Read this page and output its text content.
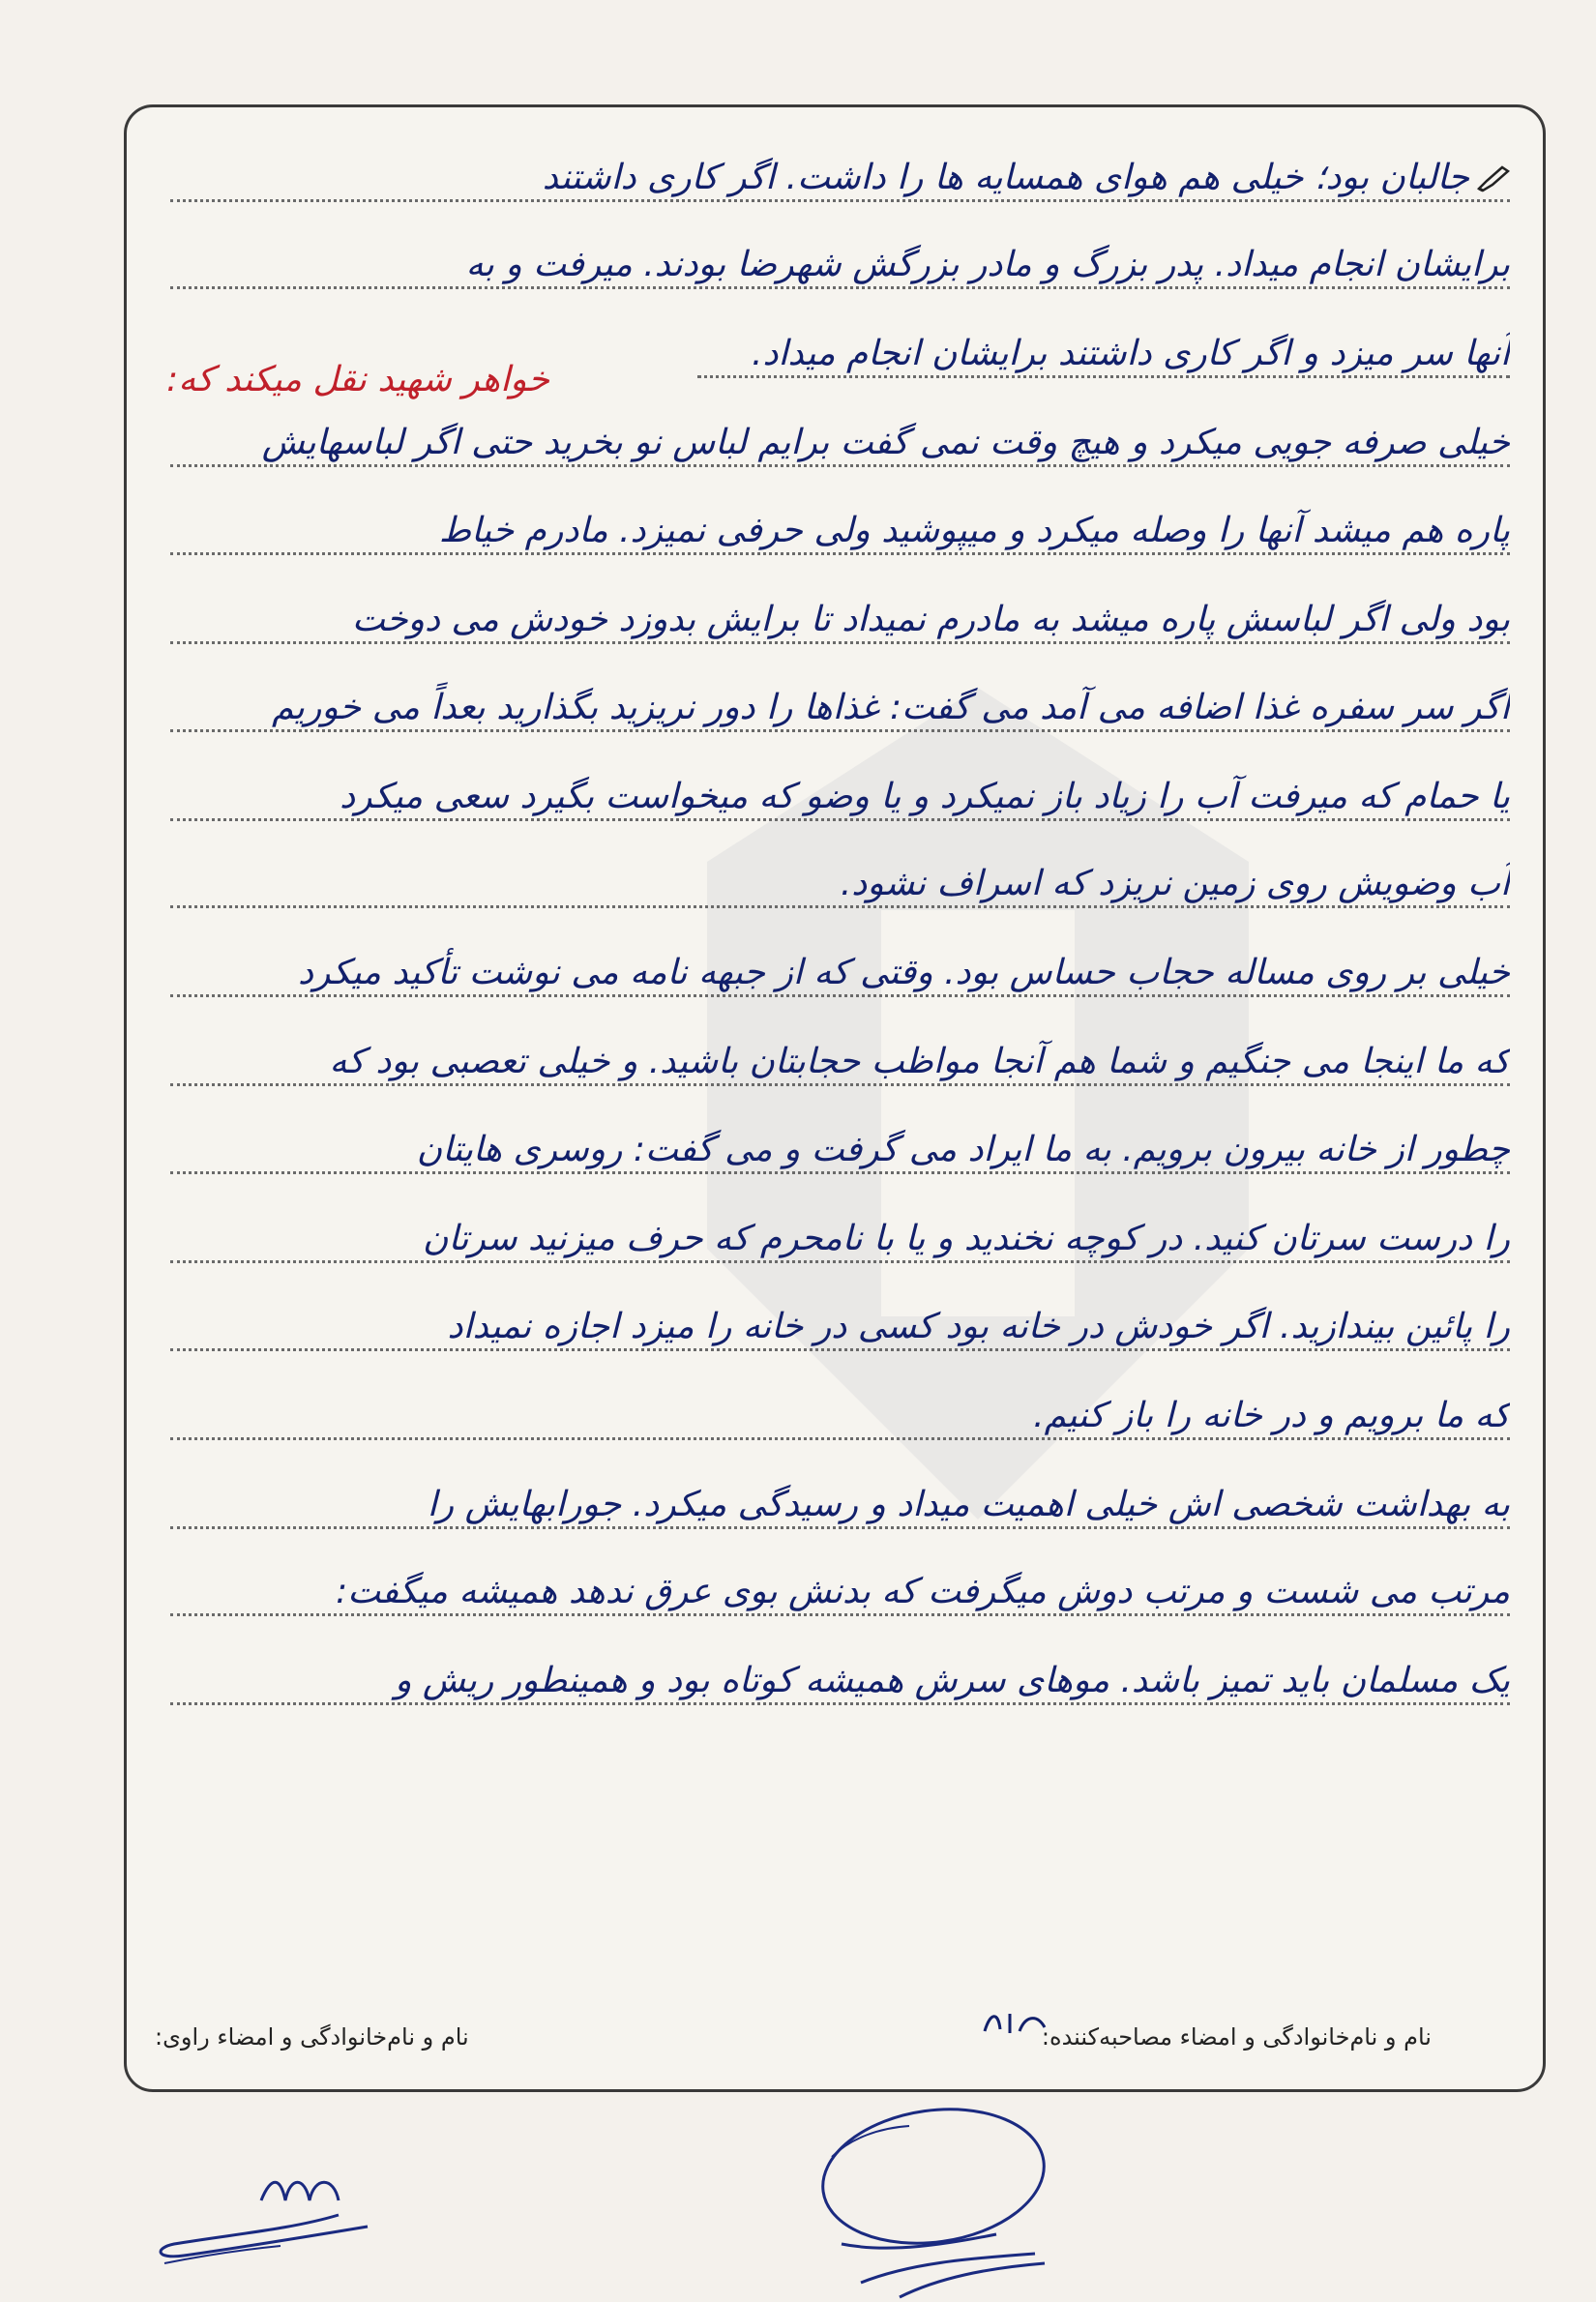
جالبان بود؛ خیلی هم هوای همسایه ها را داشت. اگر کاری داشتند
برایشان انجام میداد. پدر بزرگ و مادر بزرگش شهرضا بودند. میرفت و به
آنها سر میزد و اگر کاری داشتند برایشان انجام میداد.
خیلی صرفه جویی میکرد و هیچ وقت نمی گفت برایم لباس نو بخرید حتی اگر لباسهایش
پاره هم میشد آنها را وصله میکرد و میپوشید ولی حرفی نمیزد. مادرم خیاط
بود ولی اگر لباسش پاره میشد به مادرم نمیداد تا برایش بدوزد خودش می دوخت
اگر سر سفره غذا اضافه می آمد می گفت: غذاها را دور نریزید بگذارید بعداً می خوریم
یا حمام که میرفت آب را زیاد باز نمیکرد و یا وضو که میخواست بگیرد سعی میکرد
آب وضویش روی زمین نریزد که اسراف نشود.
خیلی بر روی مساله حجاب حساس بود. وقتی که از جبهه نامه می نوشت تأکید میکرد
که ما اینجا می جنگیم و شما هم آنجا مواظب حجابتان باشید. و خیلی تعصبی بود که
چطور از خانه بیرون برویم. به ما ایراد می گرفت و می گفت: روسری هایتان
را درست سرتان کنید. در کوچه نخندید و یا با نامحرم که حرف میزنید سرتان
را پائین بیندازید. اگر خودش در خانه بود کسی در خانه را میزد اجازه نمیداد
که ما برویم و در خانه را باز کنیم.
به بهداشت شخصی اش خیلی اهمیت میداد و رسیدگی میکرد. جورابهایش را
مرتب می شست و مرتب دوش میگرفت که بدنش بوی عرق ندهد همیشه میگفت:
یک مسلمان باید تمیز باشد. موهای سرش همیشه کوتاه بود و همینطور ریش و
خواهر شهید نقل میکند که:
نام و نام‌خانوادگی و امضاء مصاحبه‌کننده:
نام و نام‌خانوادگی و امضاء راوی:
